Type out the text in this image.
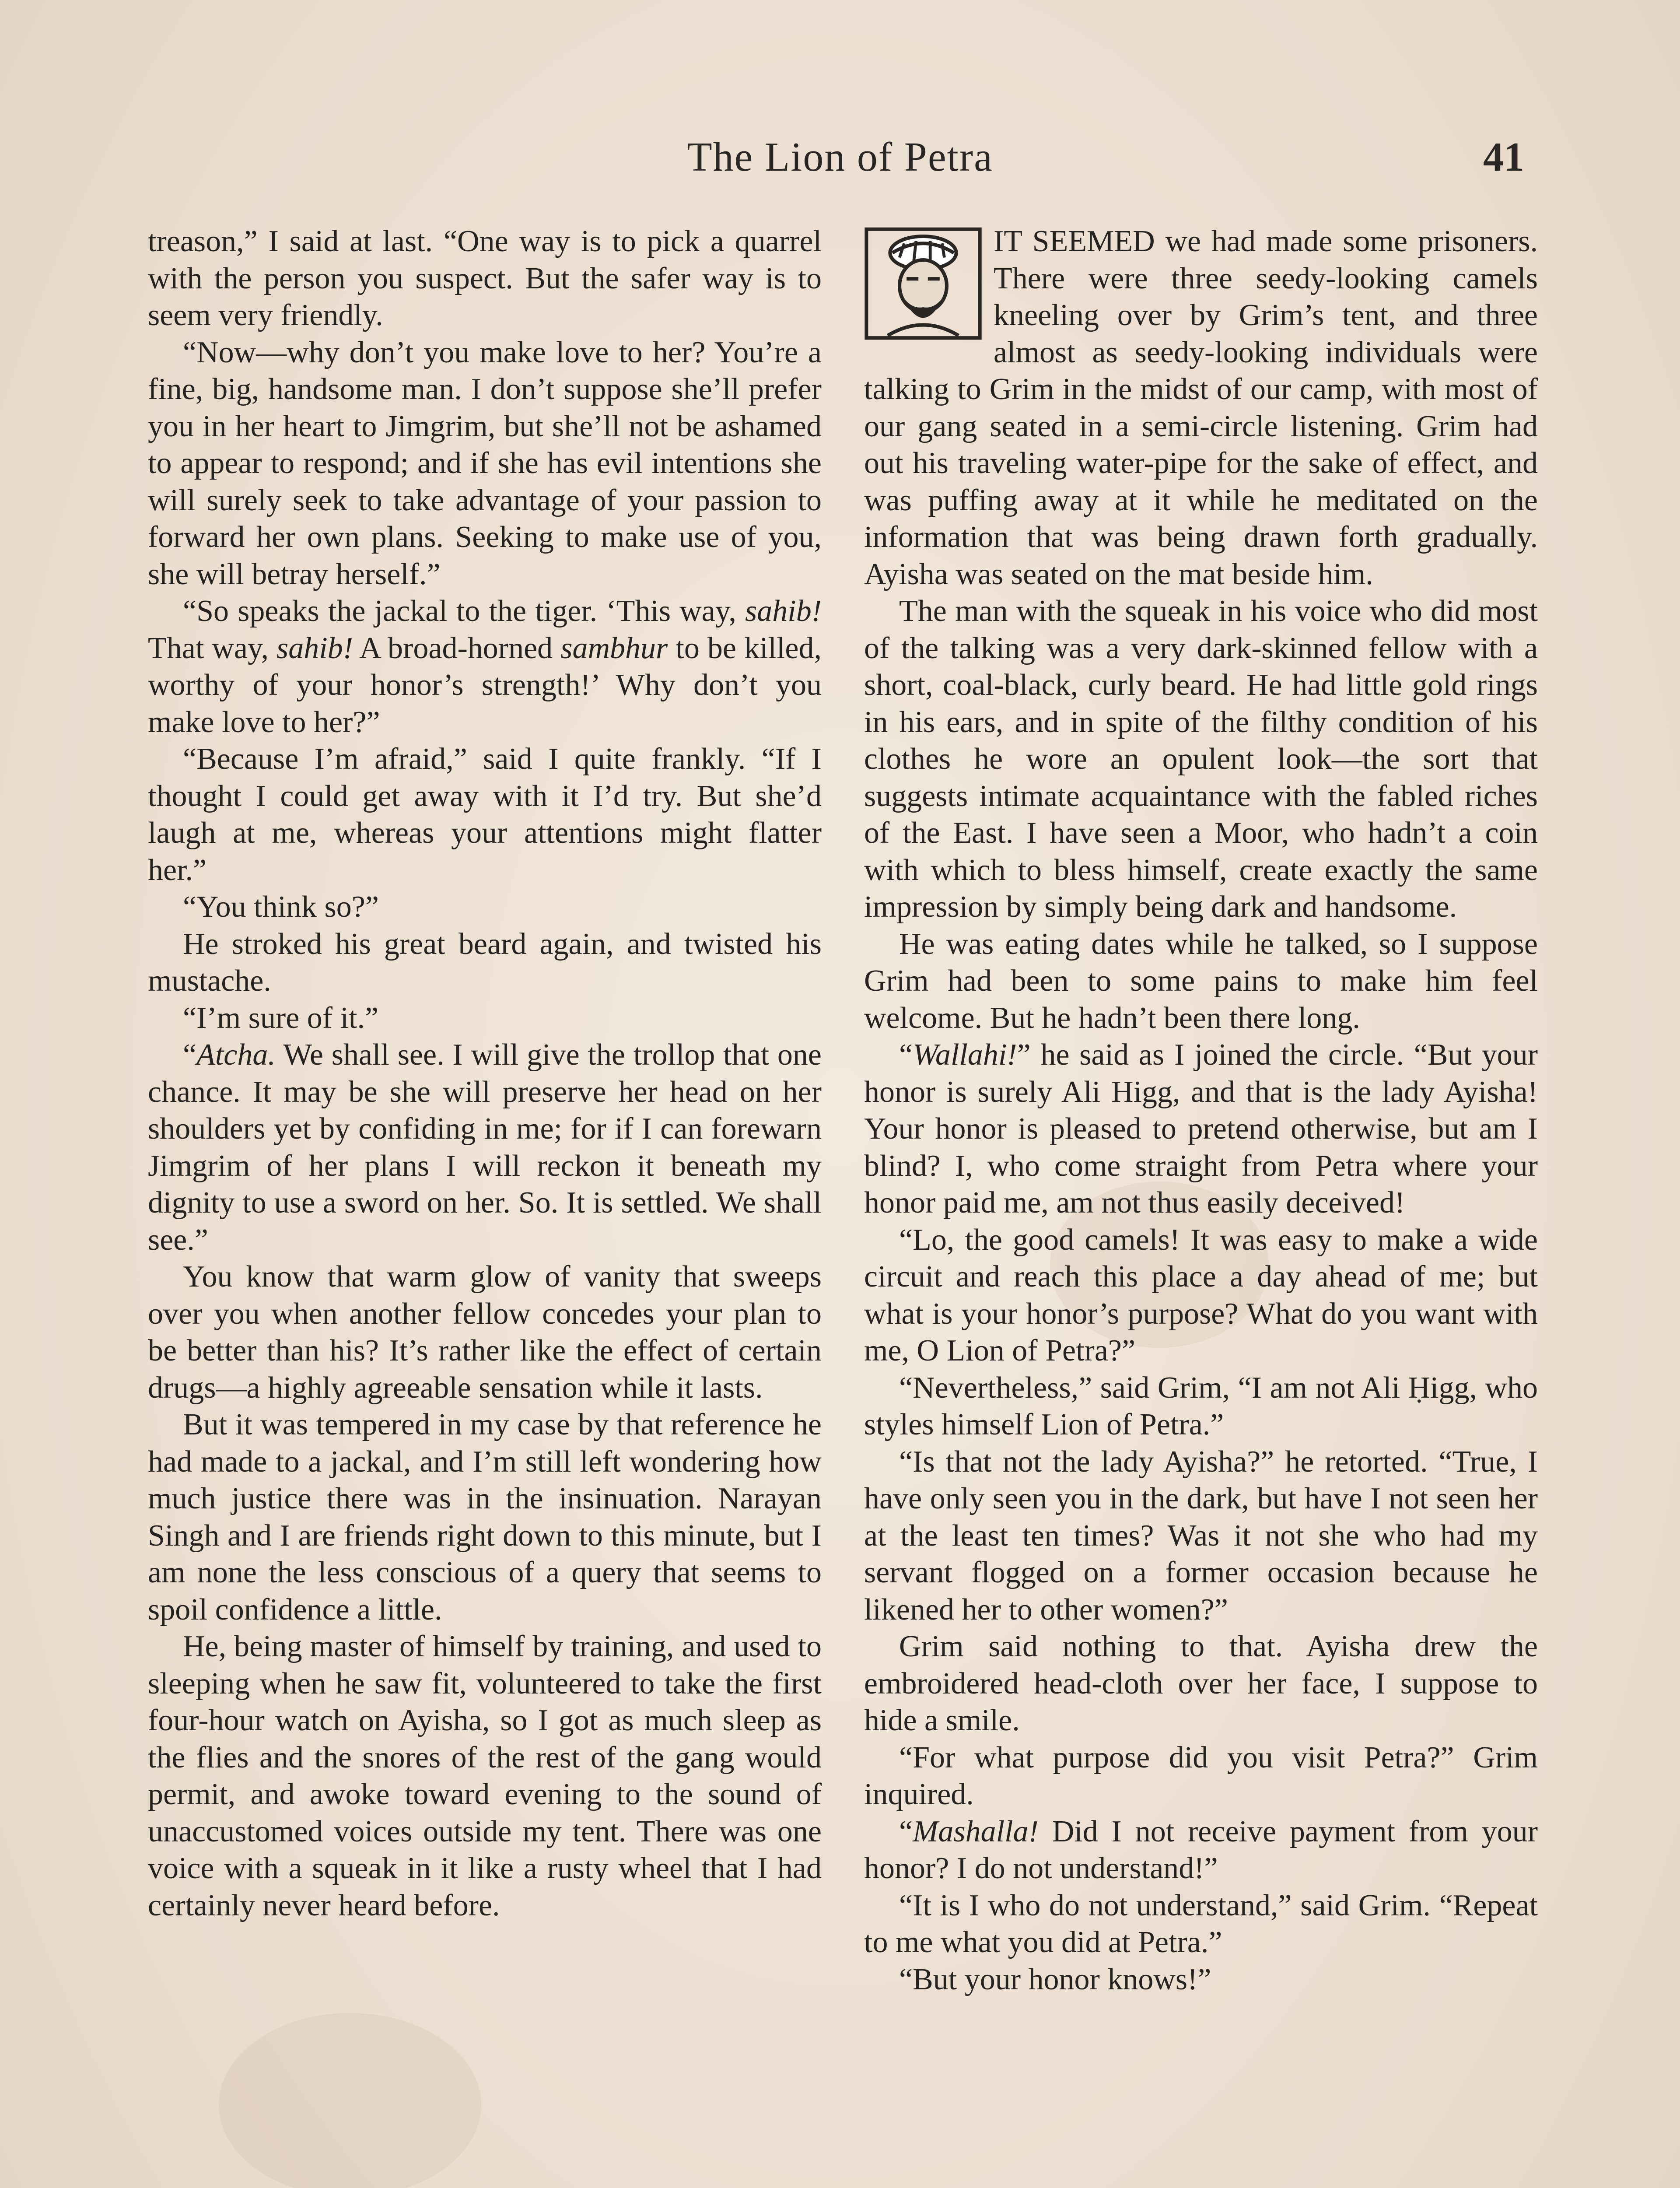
The Lion of Petra	41

treason,” I said at last. “One way is to pick a quarrel with the person you suspect. But the safer way is to seem very friendly.

“Now—why don’t you make love to her? You’re a fine, big, handsome man. I don’t suppose she’ll prefer you in her heart to Jimgrim, but she’ll not be ashamed to appear to respond; and if she has evil intentions she will surely seek to take advantage of your passion to forward her own plans. Seeking to make use of you, she will betray herself.”

“So speaks the jackal to the tiger. ‘This way, sahib! That way, sahib! A broad-horned sambhur to be killed, worthy of your honor’s strength!’ Why don’t you make love to her?”

“Because I’m afraid,” said I quite frankly. “If I thought I could get away with it I’d try. But she’d laugh at me, whereas your attentions might flatter her.”

“You think so?”

He stroked his great beard again, and twisted his mustache.

“I’m sure of it.”

“Atcha. We shall see. I will give the trollop that one chance. It may be she will preserve her head on her shoulders yet by confiding in me; for if I can forewarn Jimgrim of her plans I will reckon it beneath my dignity to use a sword on her. So. It is settled. We shall see.”

You know that warm glow of vanity that sweeps over you when another fellow concedes your plan to be better than his? It’s rather like the effect of certain drugs—a highly agreeable sensation while it lasts.

But it was tempered in my case by that reference he had made to a jackal, and I’m still left wondering how much justice there was in the insinuation. Narayan Singh and I are friends right down to this minute, but I am none the less conscious of a query that seems to spoil confidence a little.

He, being master of himself by training, and used to sleeping when he saw fit, volunteered to take the first four-hour watch on Ayisha, so I got as much sleep as the flies and the snores of the rest of the gang would permit, and awoke toward evening to the sound of unaccustomed voices outside my tent. There was one voice with a squeak in it like a rusty wheel that I had certainly never heard before.

IT SEEMED we had made some prisoners. There were three seedy-looking camels kneeling over by Grim’s tent, and three almost as seedy-looking individuals were talking to Grim in the midst of our camp, with most of our gang seated in a semi-circle listening. Grim had out his traveling water-pipe for the sake of effect, and was puffing away at it while he meditated on the information that was being drawn forth gradually. Ayisha was seated on the mat beside him.

The man with the squeak in his voice who did most of the talking was a very dark-skinned fellow with a short, coal-black, curly beard. He had little gold rings in his ears, and in spite of the filthy condition of his clothes he wore an opulent look—the sort that suggests intimate acquaintance with the fabled riches of the East. I have seen a Moor, who hadn’t a coin with which to bless himself, create exactly the same impression by simply being dark and handsome.

He was eating dates while he talked, so I suppose Grim had been to some pains to make him feel welcome. But he hadn’t been there long.

“Wallahi!” he said as I joined the circle. “But your honor is surely Ali Higg, and that is the lady Ayisha! Your honor is pleased to pretend otherwise, but am I blind? I, who come straight from Petra where your honor paid me, am not thus easily deceived!

“Lo, the good camels! It was easy to make a wide circuit and reach this place a day ahead of me; but what is your honor’s purpose? What do you want with me, O Lion of Petra?”

“Nevertheless,” said Grim, “I am not Ali Ḥigg, who styles himself Lion of Petra.”

“Is that not the lady Ayisha?” he retorted. “True, I have only seen you in the dark, but have I not seen her at the least ten times? Was it not she who had my servant flogged on a former occasion because he likened her to other women?”

Grim said nothing to that. Ayisha drew the embroidered head-cloth over her face, I suppose to hide a smile.

“For what purpose did you visit Petra?” Grim inquired.

“Mashalla! Did I not receive payment from your honor? I do not understand!”

“It is I who do not understand,” said Grim. “Repeat to me what you did at Petra.”

“But your honor knows!”
